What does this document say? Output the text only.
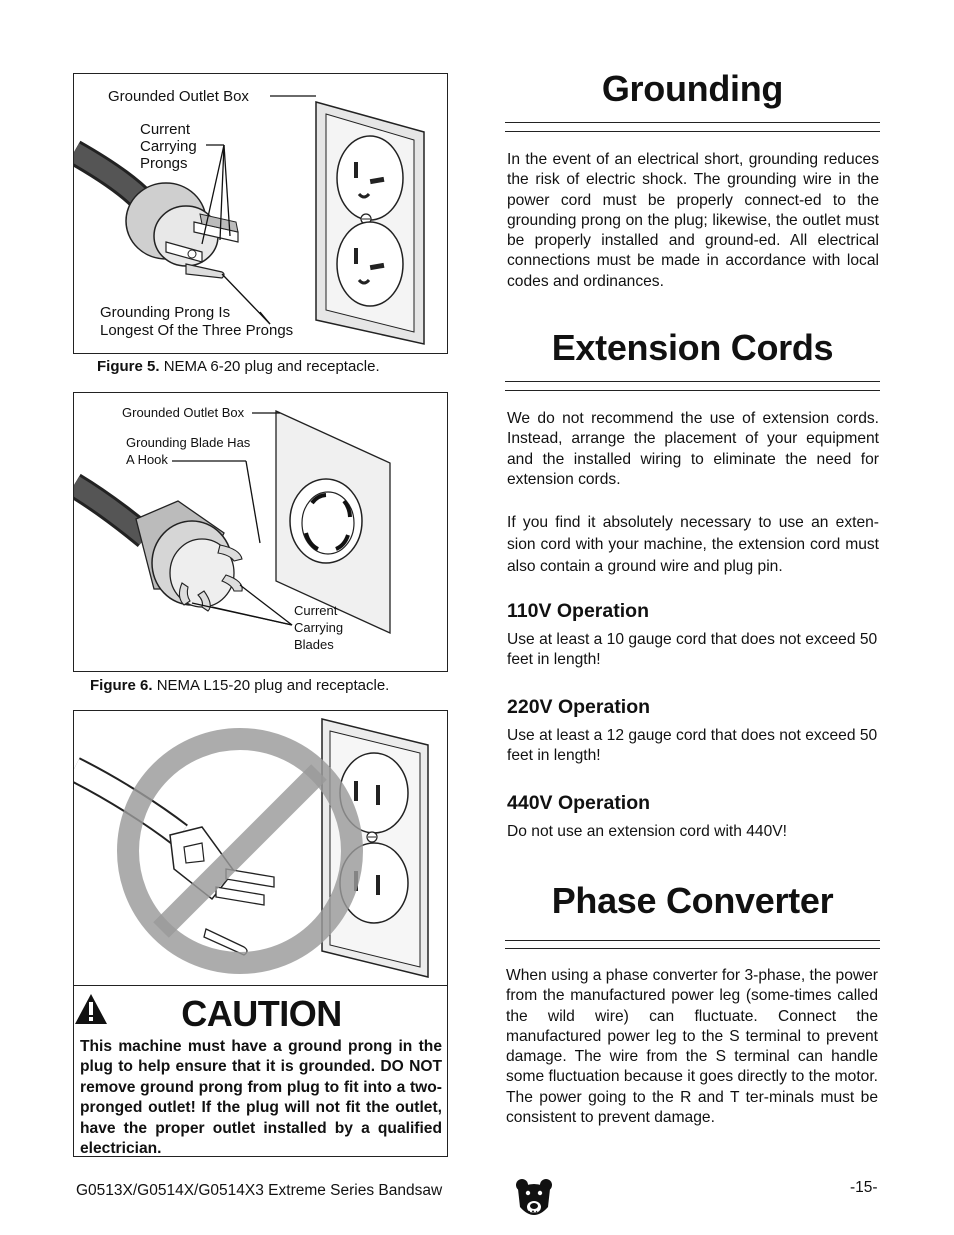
Grounded Outlet Box
Current
Carrying
Prongs
Grounding Prong Is
Longest Of the Three Prongs
Figure 5. NEMA 6-20 plug and receptacle.
Grounded Outlet Box
Grounding Blade Has
A Hook
Current
Carrying
Blades
Figure 6. NEMA L15-20 plug and receptacle.
CAUTION
This machine must have a ground prong in the plug to help ensure that it is grounded. DO NOT remove ground prong from plug to fit into a two-pronged outlet! If the plug will not fit the outlet, have the proper outlet installed by a qualified electrician.
Grounding
In the event of an electrical short, grounding reduces the risk of electric shock. The grounding wire in the power cord must be properly connect-ed to the grounding prong on the plug; likewise, the outlet must be properly installed and ground-ed. All electrical connections must be made in accordance with local codes and ordinances.
Extension Cords
We do not recommend the use of extension cords. Instead, arrange the placement of your equipment and the installed wiring to eliminate the need for extension cords.
If you find it absolutely necessary to use an exten-sion cord with your machine, the extension cord must also contain a ground wire and plug pin.
110V Operation
Use at least a 10 gauge cord that does not exceed 50 feet in length!
220V Operation
Use at least a 12 gauge cord that does not exceed 50 feet in length!
440V Operation
Do not use an extension cord with 440V!
Phase Converter
When using a phase converter for 3-phase, the power from the manufactured power leg (some-times called the wild wire) can fluctuate. Connect the manufactured power leg to the S terminal to prevent damage. The wire from the S terminal can handle some fluctuation because it goes directly to the motor. The power going to the R and T ter-minals must be consistent to prevent damage.
G0513X/G0514X/G0514X3 Extreme Series Bandsaw	-15-
